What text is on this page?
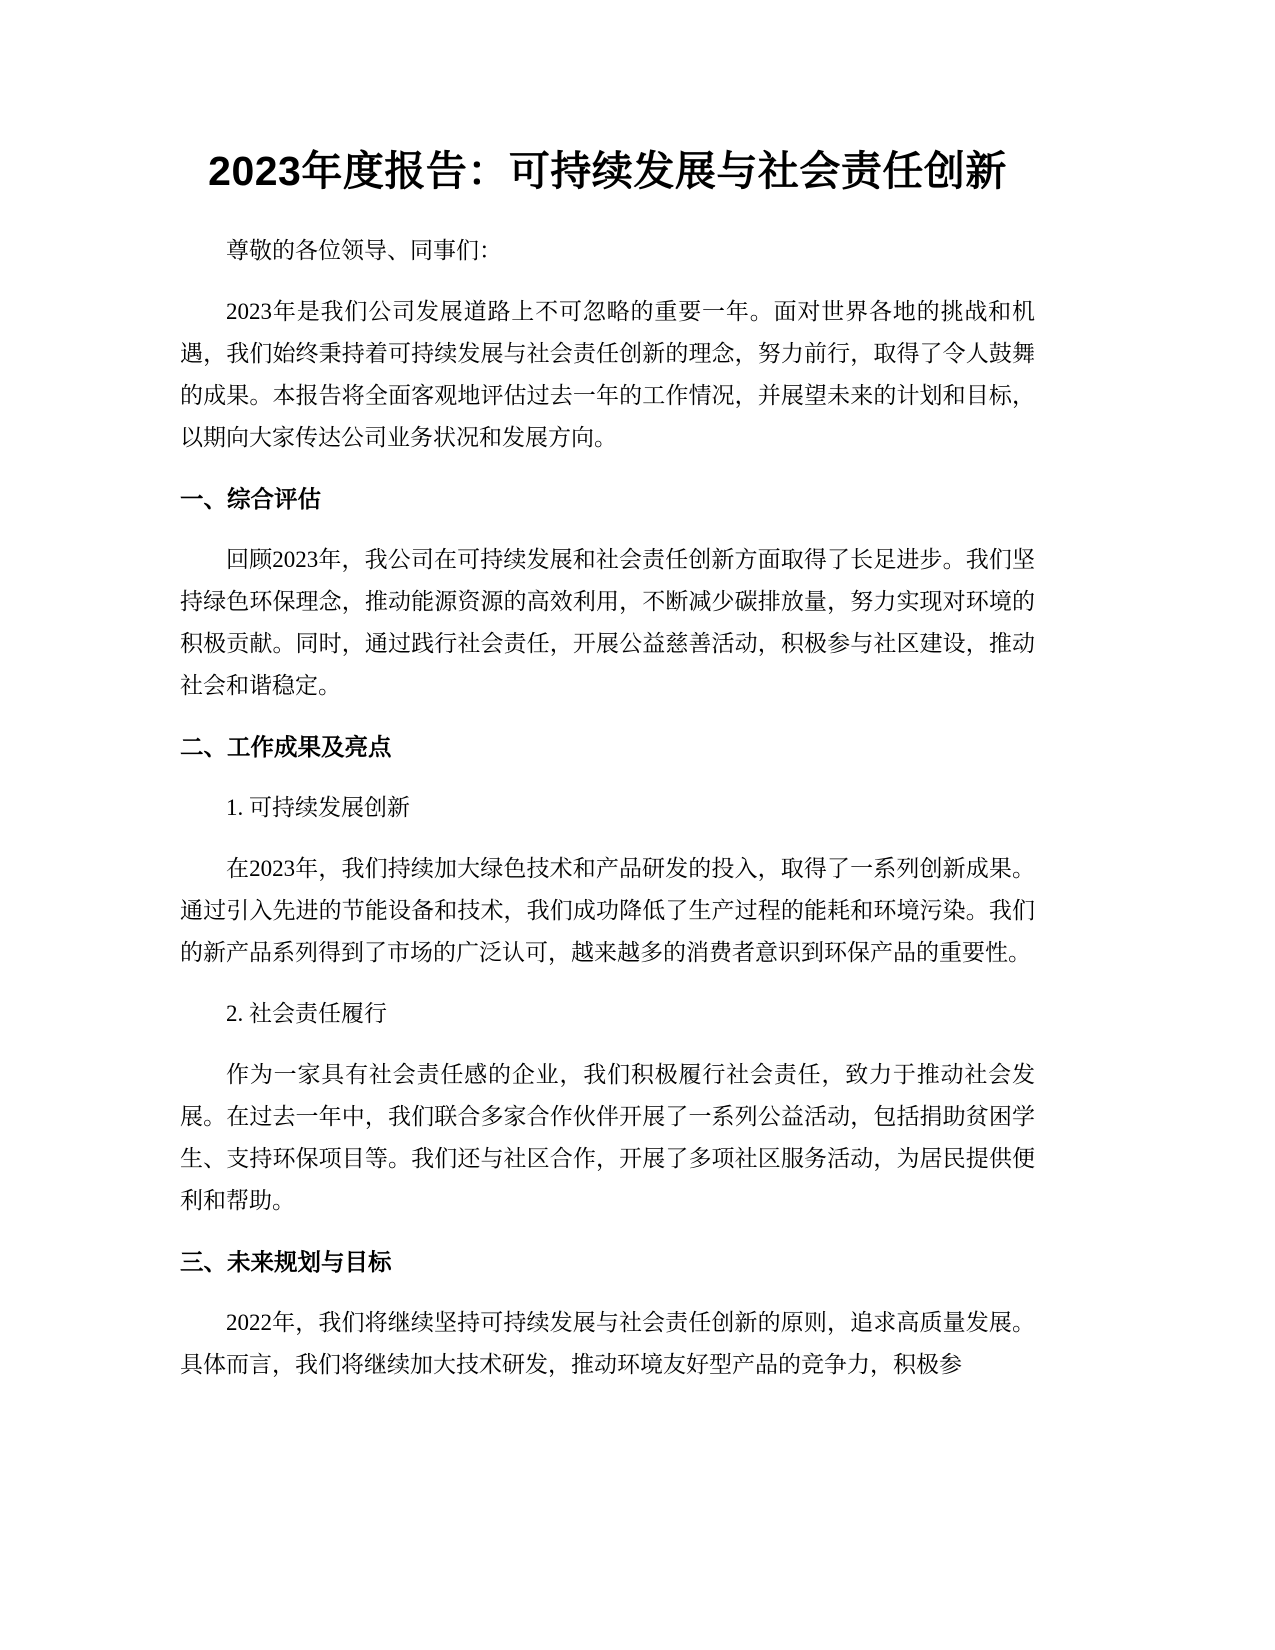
2023年度报告：可持续发展与社会责任创新

尊敬的各位领导、同事们：

2023年是我们公司发展道路上不可忽略的重要一年。面对世界各地的挑战和机遇，我们始终秉持着可持续发展与社会责任创新的理念，努力前行，取得了令人鼓舞的成果。本报告将全面客观地评估过去一年的工作情况，并展望未来的计划和目标，以期向大家传达公司业务状况和发展方向。

一、综合评估

回顾2023年，我公司在可持续发展和社会责任创新方面取得了长足进步。我们坚持绿色环保理念，推动能源资源的高效利用，不断减少碳排放量，努力实现对环境的积极贡献。同时，通过践行社会责任，开展公益慈善活动，积极参与社区建设，推动社会和谐稳定。

二、工作成果及亮点

1. 可持续发展创新

在2023年，我们持续加大绿色技术和产品研发的投入，取得了一系列创新成果。通过引入先进的节能设备和技术，我们成功降低了生产过程的能耗和环境污染。我们的新产品系列得到了市场的广泛认可，越来越多的消费者意识到环保产品的重要性。

2. 社会责任履行

作为一家具有社会责任感的企业，我们积极履行社会责任，致力于推动社会发展。在过去一年中，我们联合多家合作伙伴开展了一系列公益活动，包括捐助贫困学生、支持环保项目等。我们还与社区合作，开展了多项社区服务活动，为居民提供便利和帮助。

三、未来规划与目标

2022年，我们将继续坚持可持续发展与社会责任创新的原则，追求高质量发展。具体而言，我们将继续加大技术研发，推动环境友好型产品的竞争力，积极参
